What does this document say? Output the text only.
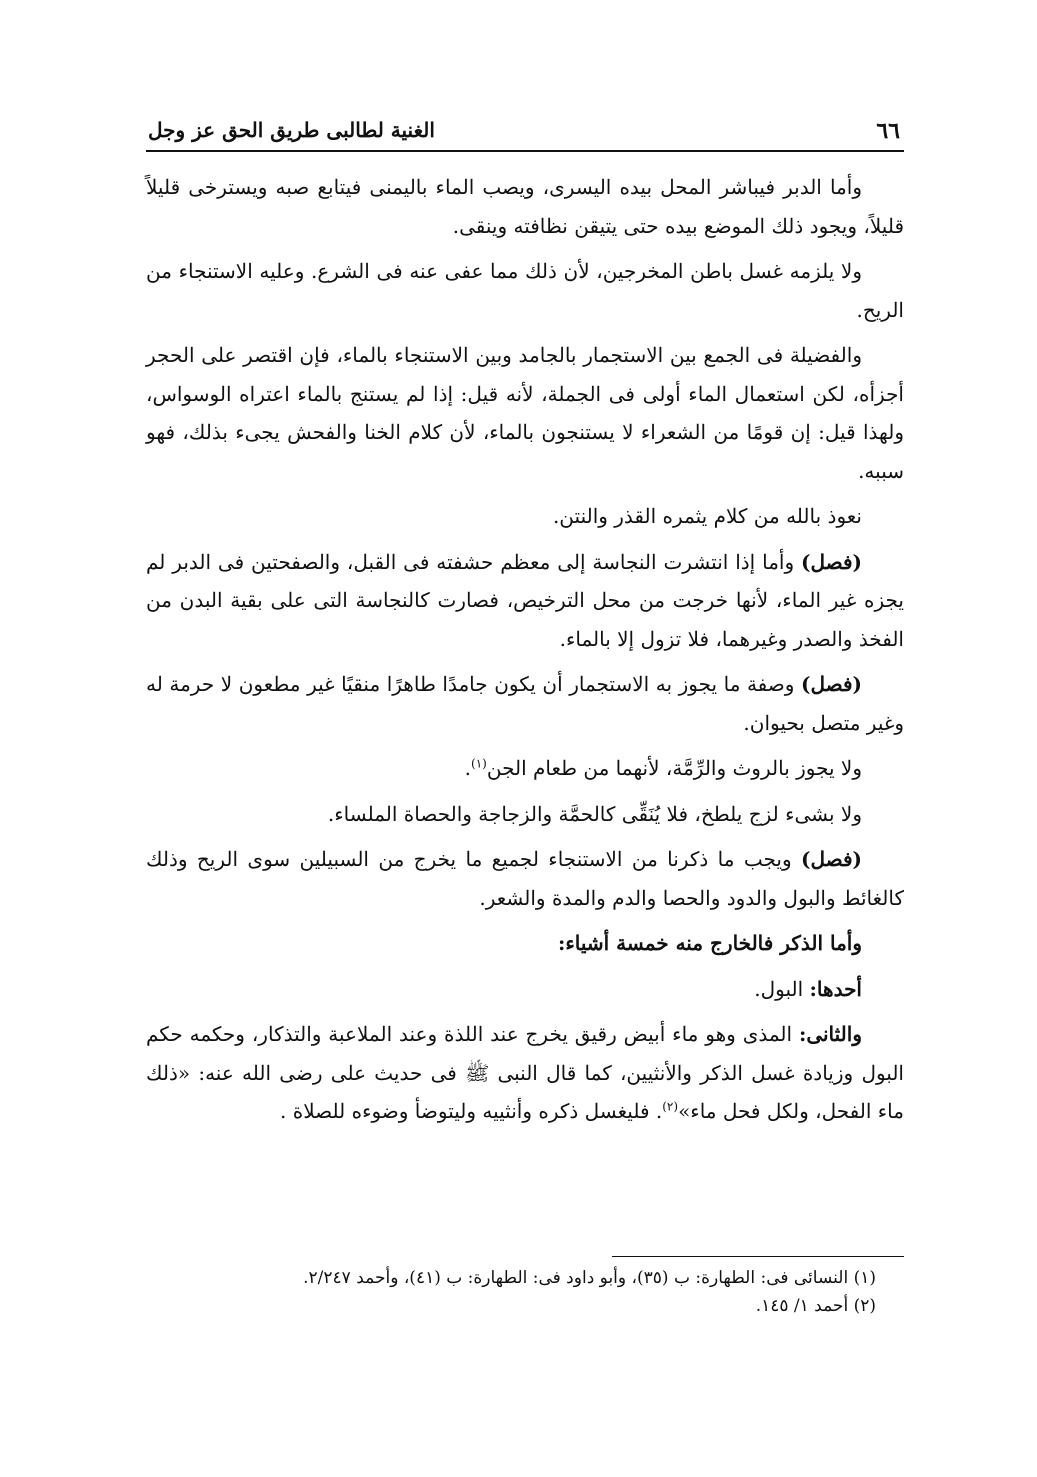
٦٦
الغنية لطالبى طريق الحق عز وجل

وأما الدبر فيباشر المحل بيده اليسرى، ويصب الماء باليمنى فيتابع صبه ويسترخى قليلاً قليلاً، ويجود ذلك الموضع بيده حتى يتيقن نظافته وينقى.

ولا يلزمه غسل باطن المخرجين، لأن ذلك مما عفى عنه فى الشرع. وعليه الاستنجاء من الريح.

والفضيلة فى الجمع بين الاستجمار بالجامد وبين الاستنجاء بالماء، فإن اقتصر على الحجر أجزأه، لكن استعمال الماء أولى فى الجملة، لأنه قيل: إذا لم يستنج بالماء اعتراه الوسواس، ولهذا قيل: إن قومًا من الشعراء لا يستنجون بالماء، لأن كلام الخنا والفحش يجىء بذلك، فهو سببه.

نعوذ بالله من كلام يثمره القذر والنتن.

(فصل) وأما إذا انتشرت النجاسة إلى معظم حشفته فى القبل، والصفحتين فى الدبر لم يجزه غير الماء، لأنها خرجت من محل الترخيص، فصارت كالنجاسة التى على بقية البدن من الفخذ والصدر وغيرهما، فلا تزول إلا بالماء.

(فصل) وصفة ما يجوز به الاستجمار أن يكون جامدًا طاهرًا منقيًا غير مطعون لا حرمة له وغير متصل بحيوان.

ولا يجوز بالروث والرِّمَّة، لأنهما من طعام الجن$^{(١)}$.

ولا بشىء لزج يلطخ، فلا يُنَقِّى كالحمَّة والزجاجة والحصاة الملساء.

(فصل) ويجب ما ذكرنا من الاستنجاء لجميع ما يخرج من السبيلين سوى الريح وذلك كالغائط والبول والدود والحصا والدم والمدة والشعر.

وأما الذكر فالخارج منه خمسة أشياء:

أحدها: البول.

والثانى: المذى وهو ماء أبيض رقيق يخرج عند اللذة وعند الملاعبة والتذكار، وحكمه حكم البول وزيادة غسل الذكر والأنثيين، كما قال النبى ﷺ فى حديث على رضى الله عنه: «ذلك ماء الفحل، ولكل فحل ماء»$^{(٢)}$. فليغسل ذكره وأنثييه وليتوضأ وضوءه للصلاة .

(١) النسائى فى: الطهارة: ب (٣٥)، وأبو داود فى: الطهارة: ب (٤١)، وأحمد ٢/٢٤٧.
(٢) أحمد ١/ ١٤٥.
